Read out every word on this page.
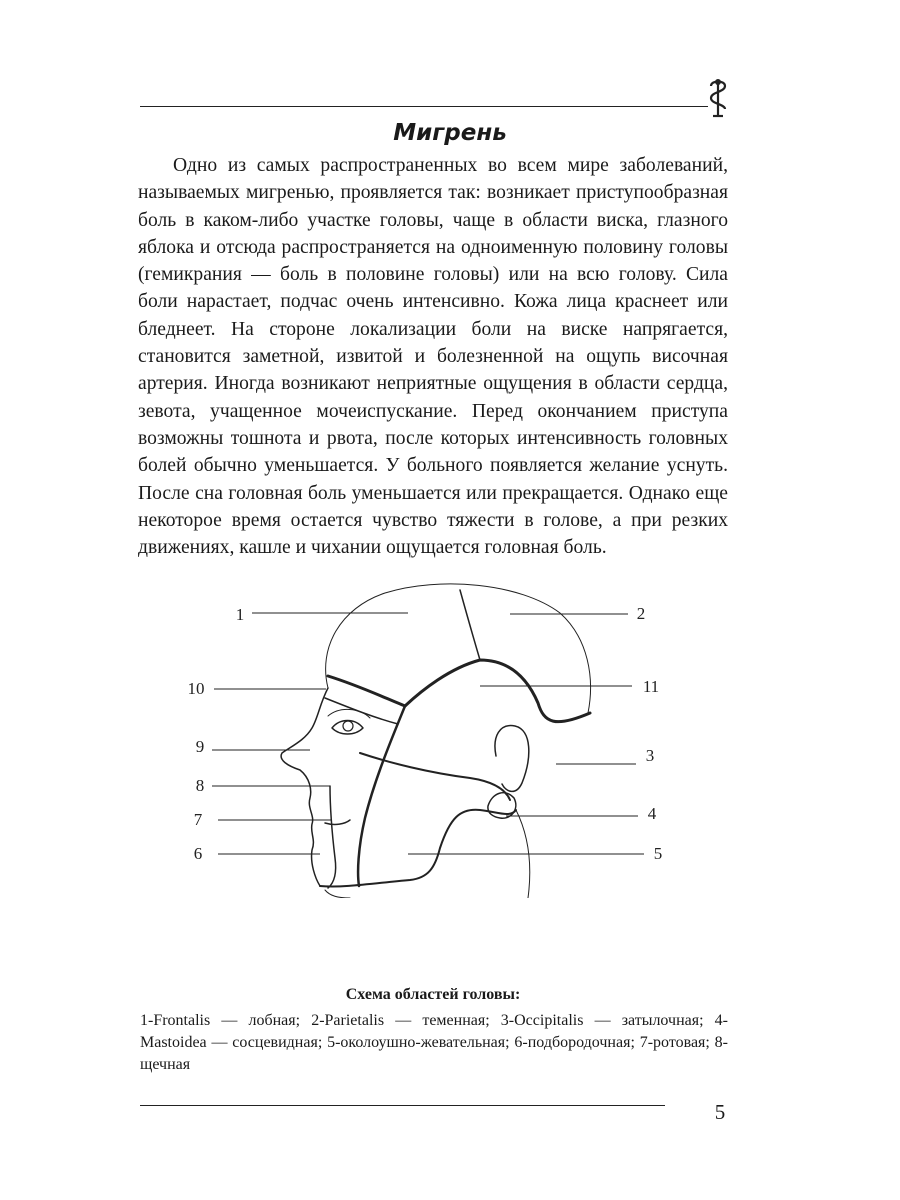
Мигрень

Одно из самых распространенных во всем мире заболеваний, называемых мигренью, проявляется так: возникает приступообразная боль в каком-либо участке головы, чаще в области виска, глазного яблока и отсюда распространяется на одноименную половину головы (гемикрания — боль в половине головы) или на всю голову. Сила боли нарастает, подчас очень интенсивно. Кожа лица краснеет или бледнеет. На стороне локализации боли на виске напрягается, становится заметной, извитой и болезненной на ощупь височная артерия. Иногда возникают неприятные ощущения в области сердца, зевота, учащенное мочеиспускание. Перед окончанием приступа возможны тошнота и рвота, после которых интенсивность головных болей обычно уменьшается. У больного появляется желание уснуть. После сна головная боль уменьшается или прекращается. Однако еще некоторое время остается чувство тяжести в голове, а при резких движениях, кашле и чихании ощущается головная боль.

1	2
3
4
5
6
7
8
9
10	11

Схема областей головы:

1-Frontalis — лобная; 2-Parietalis — теменная; 3-Occipitalis — затылочная; 4-Mastoidea — сосцевидная; 5-околоушно-жевательная; 6-подбородочная; 7-ротовая; 8-щечная

5
